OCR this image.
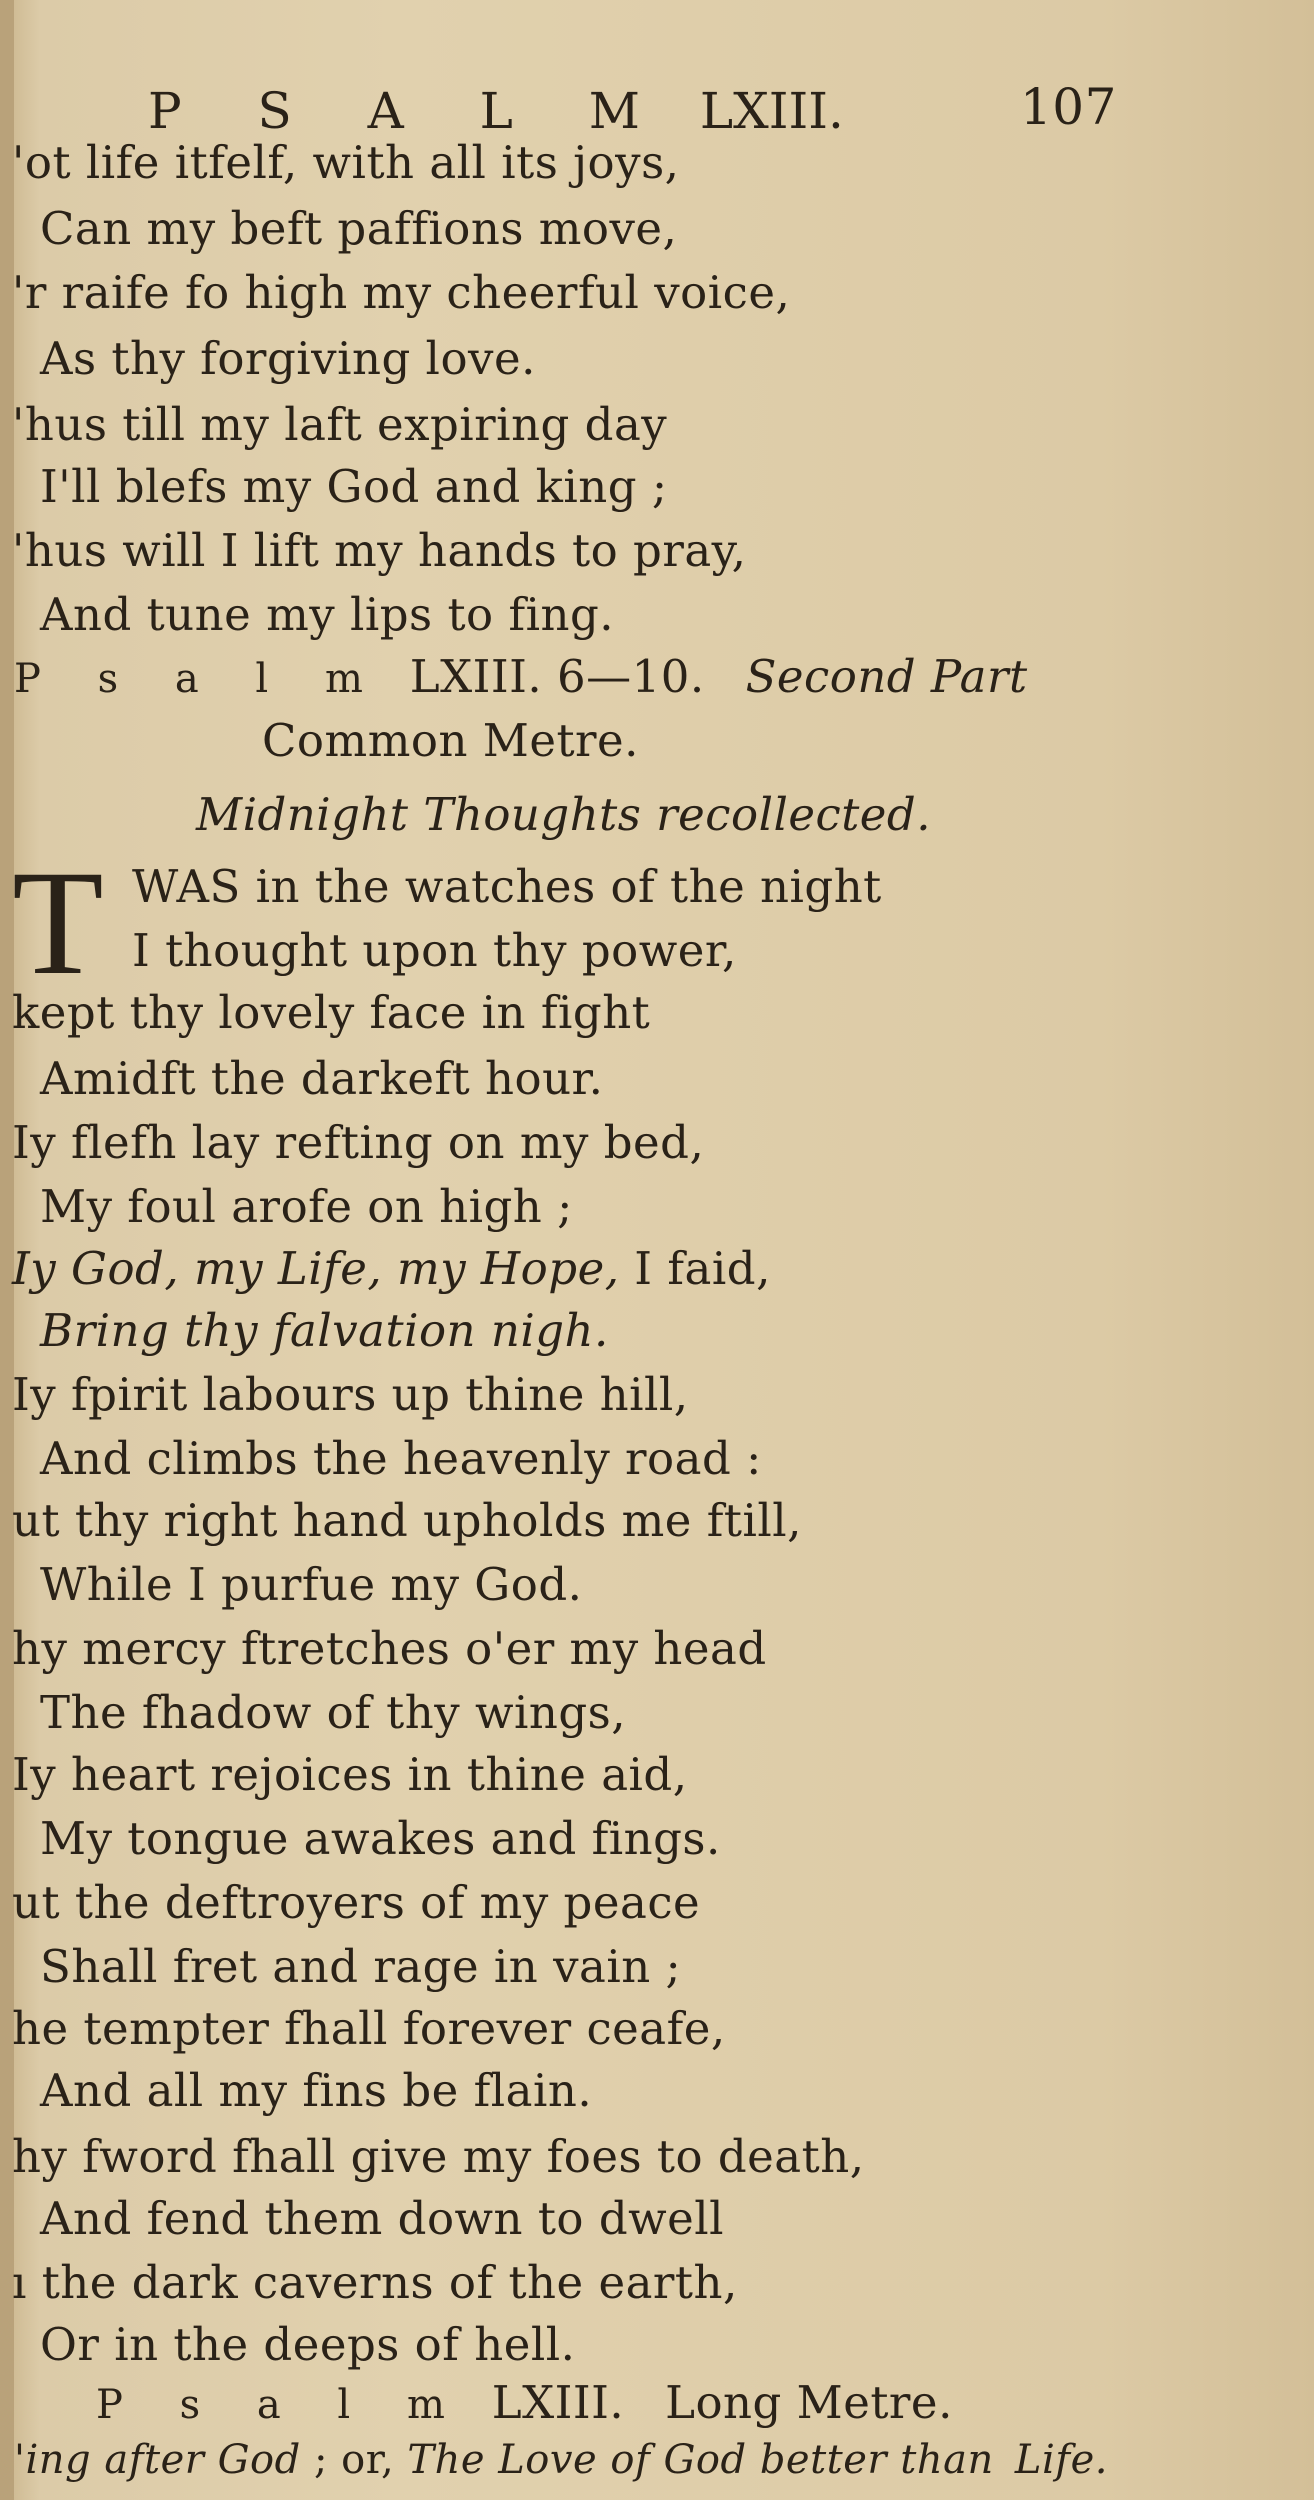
P S A L M LXIII.	107
'ot life itfelf, with all its joys,
Can my beft paffions move,
'r raife fo high my cheerful voice,
As thy forgiving love.
'hus till my laft expiring day
I'll blefs my God and king ;
'hus will I lift my hands to pray,
And tune my lips to fing.
P s a l m LXIII. 6—10. Second Part
Common Metre.
Midnight Thoughts recollected.
T WAS in the watches of the night
I thought upon thy power,
kept thy lovely face in fight
Amidft the darkeft hour.
Iy flefh lay refting on my bed,
My foul arofe on high ;
Iy God, my Life, my Hope, I faid,
Bring thy falvation nigh.
Iy fpirit labours up thine hill,
And climbs the heavenly road :
ut thy right hand upholds me ftill,
While I purfue my God.
hy mercy ftretches o'er my head
The fhadow of thy wings,
Iy heart rejoices in thine aid,
My tongue awakes and fings.
ut the deftroyers of my peace
Shall fret and rage in vain ;
he tempter fhall forever ceafe,
And all my fins be flain.
hy fword fhall give my foes to death,
And fend them down to dwell
ı the dark caverns of the earth,
Or in the deeps of hell.
P s a l m LXIII. Long Metre.
'ing after God ; or, The Love of God better than Life.
